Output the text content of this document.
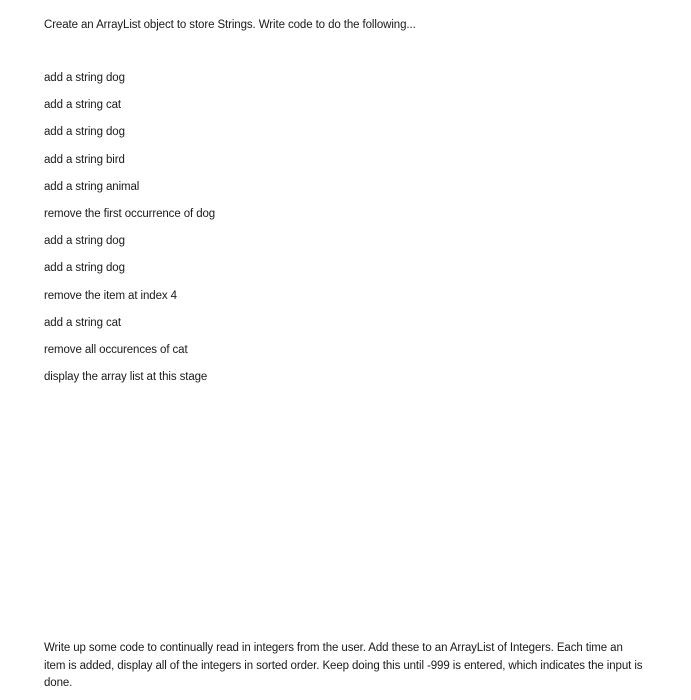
Create an ArrayList object to store Strings. Write code to do the following...
add a string dog
add a string cat
add a string dog
add a string bird
add a string animal
remove the first occurrence of dog
add a string dog
add a string dog
remove the item at index 4
add a string cat
remove all occurences of cat
display the array list at this stage
Write up some code to continually read in integers from the user. Add these to an ArrayList of Integers. Each time an item is added, display all of the integers in sorted order. Keep doing this until -999 is entered, which indicates the input is done.
